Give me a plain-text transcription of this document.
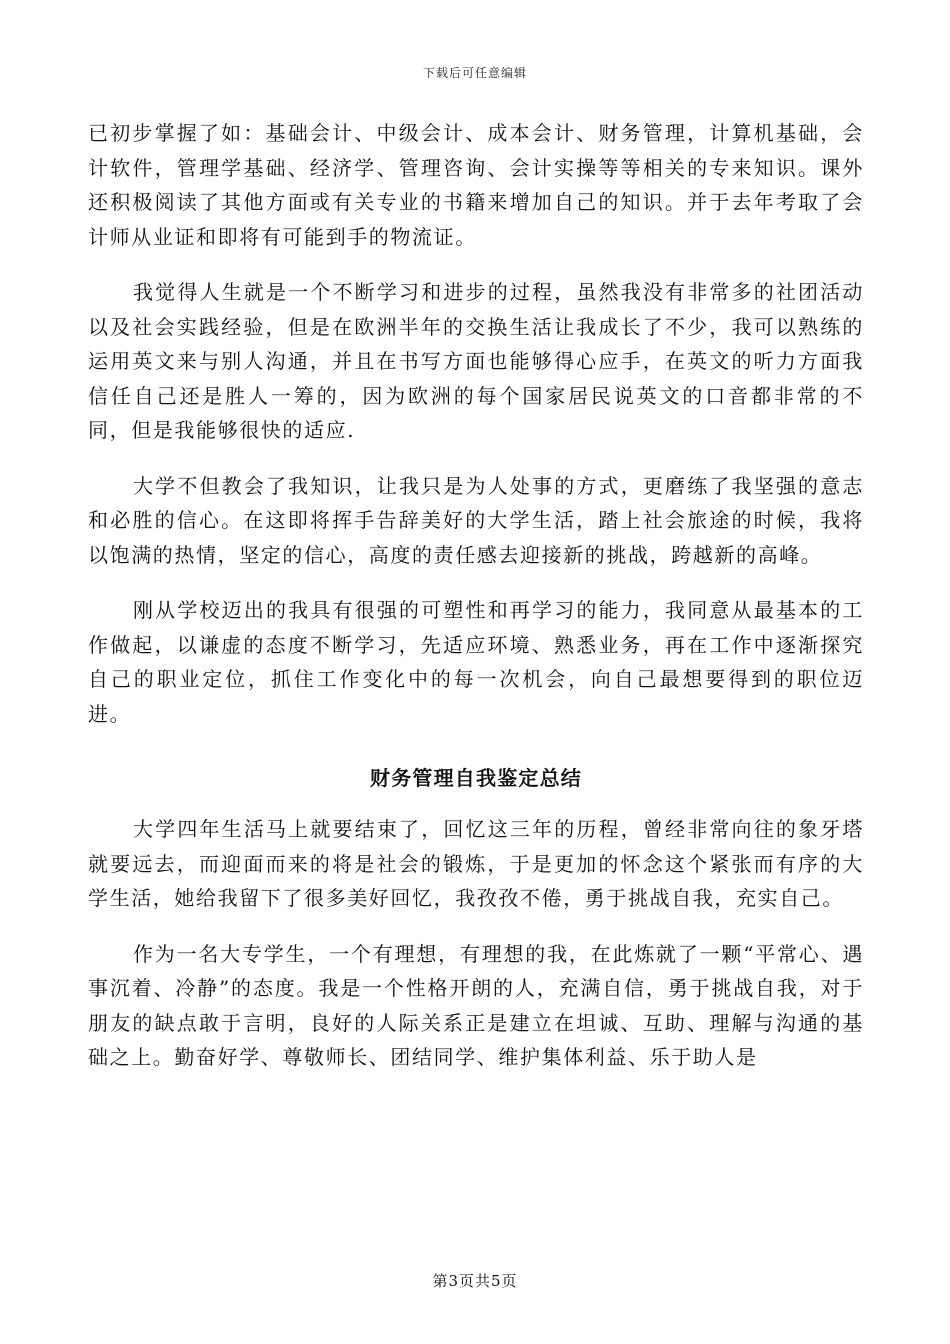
下载后可任意编辑

已初步掌握了如：基础会计、中级会计、成本会计、财务管理，计算机基础，会计软件，管理学基础、经济学、管理咨询、会计实操等等相关的专来知识。课外还积极阅读了其他方面或有关专业的书籍来增加自己的知识。并于去年考取了会计师从业证和即将有可能到手的物流证。

我觉得人生就是一个不断学习和进步的过程，虽然我没有非常多的社团活动以及社会实践经验，但是在欧洲半年的交换生活让我成长了不少，我可以熟练的运用英文来与别人沟通，并且在书写方面也能够得心应手，在英文的听力方面我信任自己还是胜人一筹的，因为欧洲的每个国家居民说英文的口音都非常的不同，但是我能够很快的适应.

大学不但教会了我知识，让我只是为人处事的方式，更磨练了我坚强的意志和必胜的信心。在这即将挥手告辞美好的大学生活，踏上社会旅途的时候，我将以饱满的热情，坚定的信心，高度的责任感去迎接新的挑战，跨越新的高峰。

刚从学校迈出的我具有很强的可塑性和再学习的能力，我同意从最基本的工作做起，以谦虚的态度不断学习，先适应环境、熟悉业务，再在工作中逐渐探究自己的职业定位，抓住工作变化中的每一次机会，向自己最想要得到的职位迈进。

财务管理自我鉴定总结

大学四年生活马上就要结束了，回忆这三年的历程，曾经非常向往的象牙塔就要远去，而迎面而来的将是社会的锻炼，于是更加的怀念这个紧张而有序的大学生活，她给我留下了很多美好回忆，我孜孜不倦，勇于挑战自我，充实自己。

作为一名大专学生，一个有理想，有理想的我，在此炼就了一颗“平常心、遇事沉着、冷静”的态度。我是一个性格开朗的人，充满自信，勇于挑战自我，对于朋友的缺点敢于言明，良好的人际关系正是建立在坦诚、互助、理解与沟通的基础之上。勤奋好学、尊敬师长、团结同学、维护集体利益、乐于助人是

第3页共5页
